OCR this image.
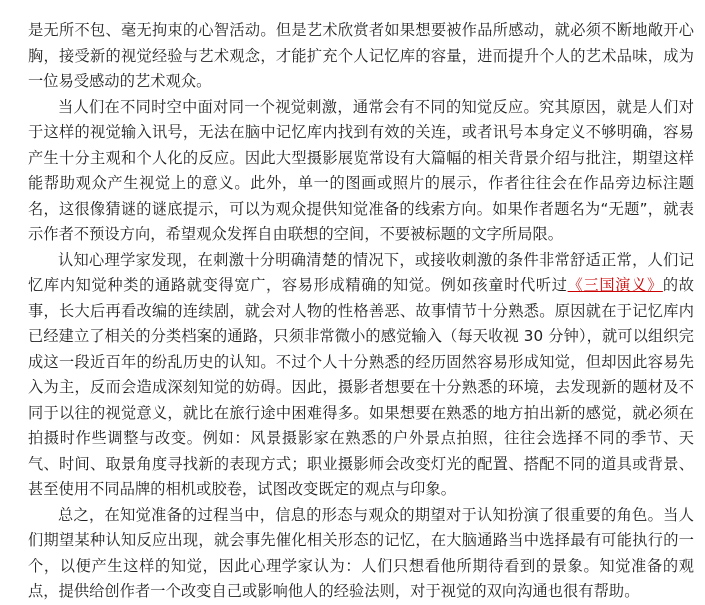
是无所不包、毫无拘束的心智活动。但是艺术欣赏者如果想要被作品所感动，就必须不断地敞开心胸，接受新的视觉经验与艺术观念，才能扩充个人记忆库的容量，进而提升个人的艺术品味，成为一位易受感动的艺术观众。

当人们在不同时空中面对同一个视觉刺激，通常会有不同的知觉反应。究其原因，就是人们对于这样的视觉输入讯号，无法在脑中记忆库内找到有效的关连，或者讯号本身定义不够明确，容易产生十分主观和个人化的反应。因此大型摄影展览常设有大篇幅的相关背景介绍与批注，期望这样能帮助观众产生视觉上的意义。此外，单一的图画或照片的展示，作者往往会在作品旁边标注题名，这很像猜谜的谜底提示，可以为观众提供知觉准备的线索方向。如果作者题名为“无题”，就表示作者不预设方向，希望观众发挥自由联想的空间，不要被标题的文字所局限。

认知心理学家发现，在刺激十分明确清楚的情况下，或接收刺激的条件非常舒适正常，人们记忆库内知觉种类的通路就变得宽广，容易形成精确的知觉。例如孩童时代听过《三国演义》的故事，长大后再看改编的连续剧，就会对人物的性格善恶、故事情节十分熟悉。原因就在于记忆库内已经建立了相关的分类档案的通路，只须非常微小的感觉输入（每天收视 30 分钟），就可以组织完成这一段近百年的纷乱历史的认知。不过个人十分熟悉的经历固然容易形成知觉，但却因此容易先入为主，反而会造成深刻知觉的妨碍。因此，摄影者想要在十分熟悉的环境，去发现新的题材及不同于以往的视觉意义，就比在旅行途中困难得多。如果想要在熟悉的地方拍出新的感觉，就必须在拍摄时作些调整与改变。例如：风景摄影家在熟悉的户外景点拍照，往往会选择不同的季节、天气、时间、取景角度寻找新的表现方式；职业摄影师会改变灯光的配置、搭配不同的道具或背景、甚至使用不同品牌的相机或胶卷，试图改变既定的观点与印象。

总之，在知觉准备的过程当中，信息的形态与观众的期望对于认知扮演了很重要的角色。当人们期望某种认知反应出现，就会事先催化相关形态的记忆，在大脑通路当中选择最有可能执行的一个，以便产生这样的知觉，因此心理学家认为：人们只想看他所期待看到的景象。知觉准备的观点，提供给创作者一个改变自己或影响他人的经验法则，对于视觉的双向沟通也很有帮助。
